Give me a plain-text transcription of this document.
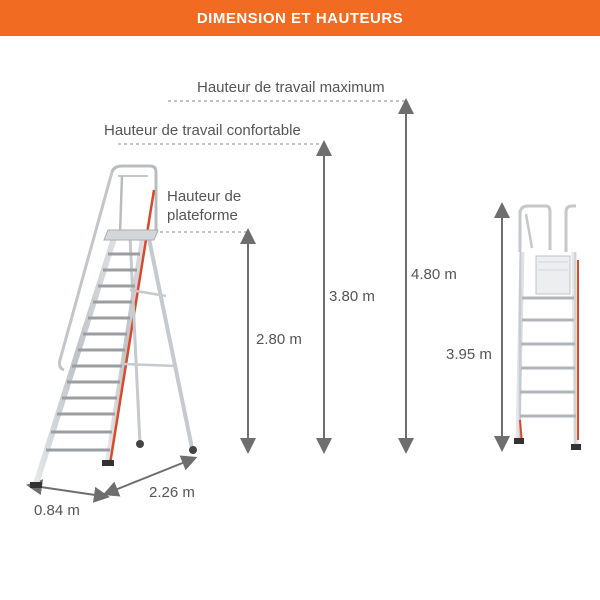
DIMENSION ET HAUTEURS
Hauteur de travail maximum
Hauteur de travail confortable
Hauteur de
plateforme
4.80 m
3.80 m
2.80 m
3.95 m
0.84 m
2.26 m
